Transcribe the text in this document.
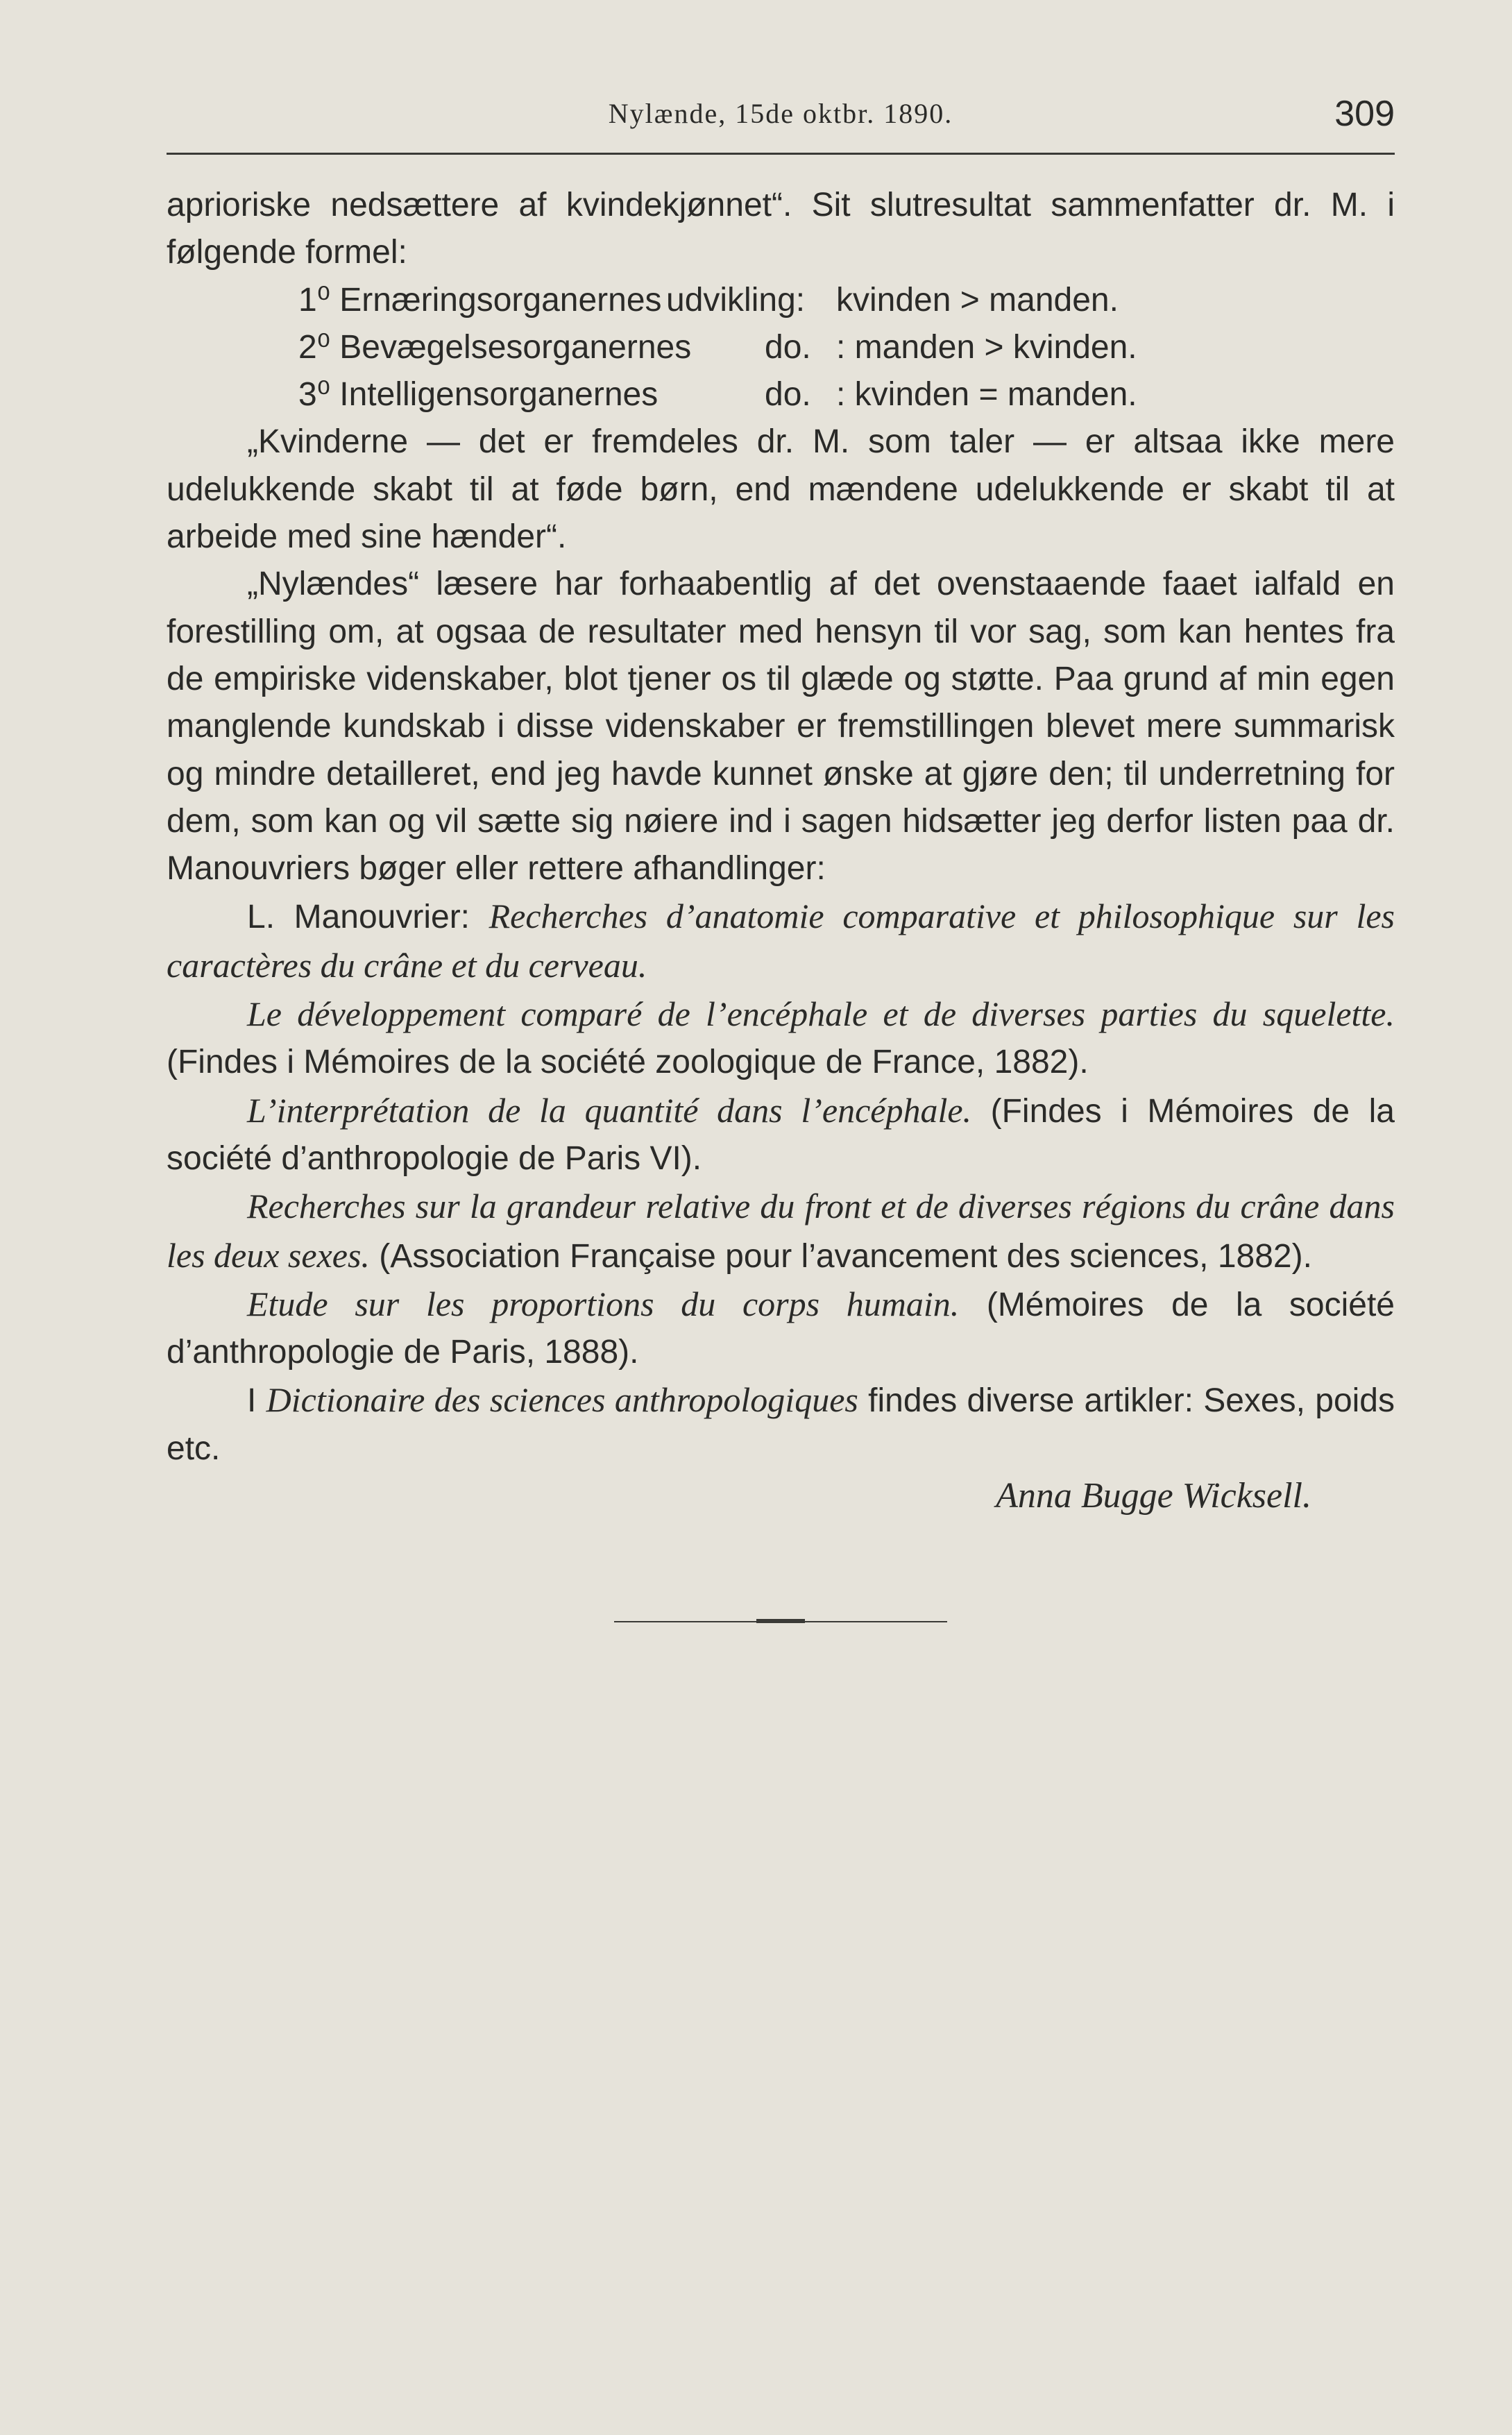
Nylænde, 15de oktbr. 1890.	309

aprioriske nedsættere af kvindekjønnet“. Sit slutresultat sammenfatter dr. M. i følgende formel:

1⁰ Ernæringsorganernes udvikling: kvinden > manden.
2⁰ Bevægelsesorganernes do. : manden > kvinden.
3⁰ Intelligensorganernes	do. : kvinden = manden.

„Kvinderne — det er fremdeles dr. M. som taler — er altsaa ikke mere udelukkende skabt til at føde børn, end mændene udelukkende er skabt til at arbeide med sine hænder“.

„Nylændes“ læsere har forhaabentlig af det ovenstaaende faaet ialfald en forestilling om, at ogsaa de resultater med hensyn til vor sag, som kan hentes fra de empiriske videnskaber, blot tjener os til glæde og støtte. Paa grund af min egen manglende kundskab i disse videnskaber er fremstillingen blevet mere summarisk og mindre detailleret, end jeg havde kunnet ønske at gjøre den; til underretning for dem, som kan og vil sætte sig nøiere ind i sagen hidsætter jeg derfor listen paa dr. Manouvriers bøger eller rettere afhandlinger:

L. Manouvrier: Recherches d’anatomie comparative et philosophique sur les caractères du crâne et du cerveau.

Le développement comparé de l’encéphale et de diverses parties du squelette. (Findes i Mémoires de la société zoologique de France, 1882).

L’interprétation de la quantité dans l’encéphale. (Findes i Mémoires de la société d’anthropologie de Paris VI).

Recherches sur la grandeur relative du front et de diverses régions du crâne dans les deux sexes. (Association Française pour l’avancement des sciences, 1882).

Etude sur les proportions du corps humain. (Mémoires de la société d’anthropologie de Paris, 1888).

I Dictionaire des sciences anthropologiques findes diverse artikler: Sexes, poids etc.

Anna Bugge Wicksell.
